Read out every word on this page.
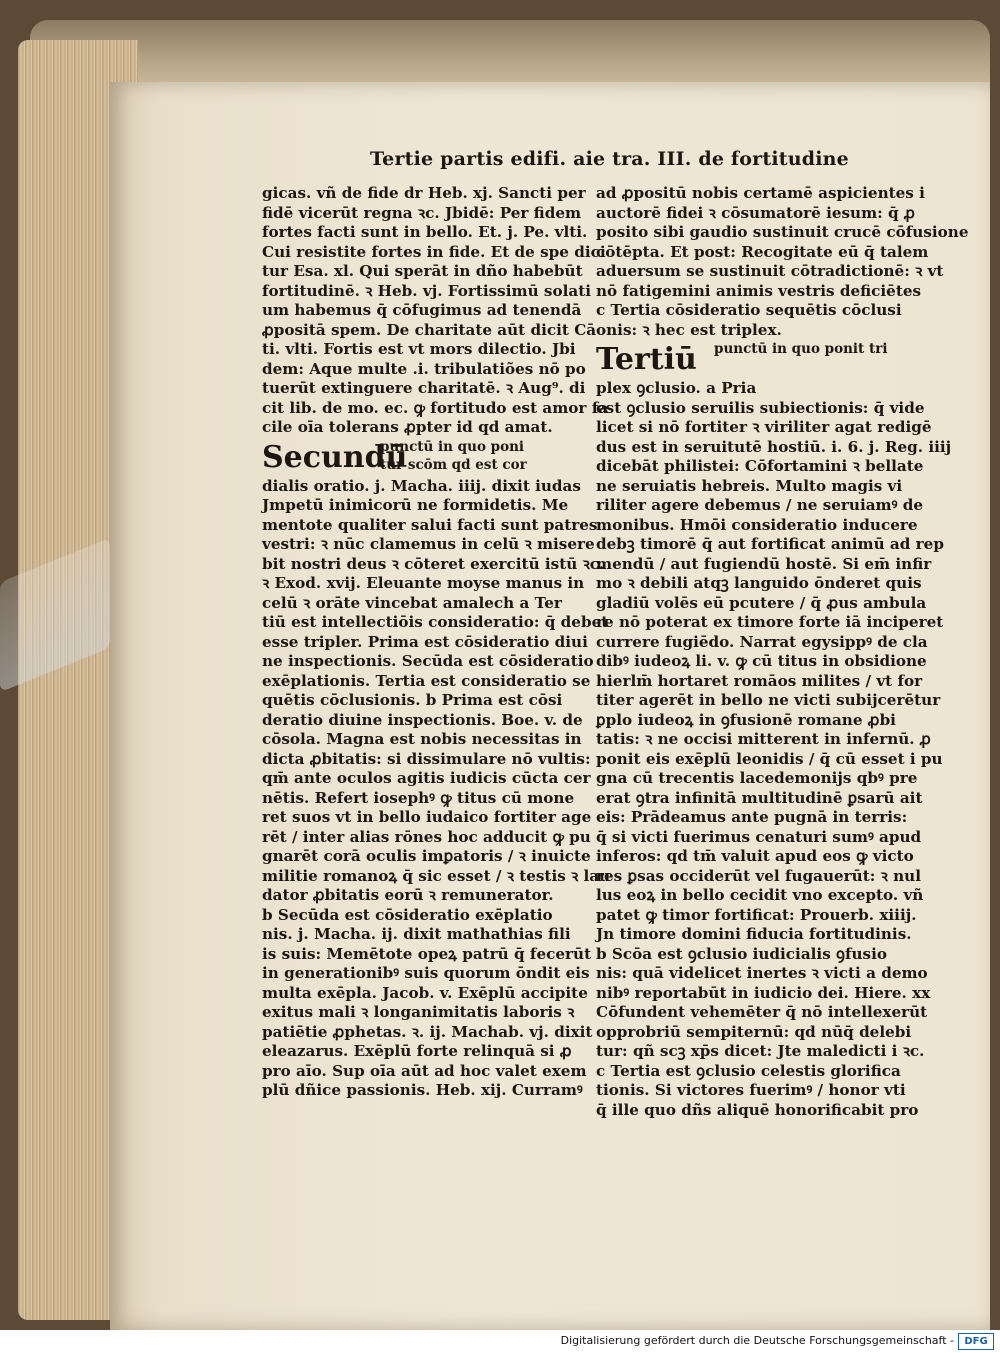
Tertie partis edifi. aie tra. III. de fortitudine
gicas. vñ de fide dr Heb. xj. Sancti per
fidē vicerūt regna ꝛc. Jbidē: Per fidem
fortes facti sunt in bello. Et. j. Pe. vlti.
Cui resistite fortes in fide. Et de spe dici
tur Esa. xl. Qui sperāt in dño habebūt
fortitudinē. ꝛ Heb. vj. Fortissimū solati
um habemus q̄ cōfugimus ad tenendā
ꝓpositā spem. De charitate aūt dicit Cā
ti. vlti. Fortis est vt mors dilectio. Jbi
dem: Aque multe .i. tribulatiões nō po
tuerūt extinguere charitatē. ꝛ Aug⁹. di
cit lib. de mo. ec. ꝙ fortitudo est amor fa
cile oīa tolerans ꝓpter id qd amat.
Secundū
punctū in quo poni
tur scōm qd est cor
dialis oratio. j. Macha. iiij. dixit iudas
Jmpetū inimicorū ne formidetis. Me
mentote qualiter salui facti sunt patres
vestri: ꝛ nūc clamemus in celū ꝛ misere
bit nostri deus ꝛ cōteret exercitū istū ꝛc.
ꝛ Exod. xvij. Eleuante moyse manus in
celū ꝛ orāte vincebat amalech a Ter
tiū est intellectiōis consideratio: q̄ debet
esse tripler. Prima est cōsideratio diui
ne inspectionis. Secūda est cōsideratio
exēplationis. Tertia est consideratio se
quētis cōclusionis. b Prima est cōsi
deratio diuine inspectionis. Boe. v. de
cōsola. Magna est nobis necessitas in
dicta ꝓbitatis: si dissimulare nō vultis:
qm̄ ante oculos agitis iudicis cūcta cer
nētis. Refert iosephꝰ ꝙ titus cū mone
ret suos vt in bello iudaico fortiter age
rēt / inter alias rōnes hoc adducit ꝙ pu
gnarēt corā oculis imꝑatoris / ꝛ inuicte
militie romanoꝝ q̄ sic esset / ꝛ testis ꝛ lau
dator ꝓbitatis eorū ꝛ remunerator.
b Secūda est cōsideratio exēplatio
nis. j. Macha. ij. dixit mathathias fili
is suis: Memētote opeꝝ patrū q̄ fecerūt
in generationibꝰ suis quorum ōndit eis
multa exēpla. Jacob. v. Exēplū accipite
exitus mali ꝛ longanimitatis laboris ꝛ
patiētie ꝓphetas. ꝛ. ij. Machab. vj. dixit
eleazarus. Exēplū forte relinquā si ꝓ
pro aīo. Sup oīa aūt ad hoc valet exem
plū dñice passionis. Heb. xij. Curramꝰ
ad ꝓpositū nobis certamē aspicientes i
auctorē fidei ꝛ cōsumatorē iesum: q̄ ꝓ
posito sibi gaudio sustinuit crucē cōfusione
cōtēpta. Et post: Recogitate eū q̄ talem
aduersum se sustinuit cōtradictionē: ꝛ vt
nō fatigemini animis vestris deficiētes
c Tertia cōsideratio sequētis cōclusi
onis: ꝛ hec est triplex.
Tertiū punctū in quo ponit tri
plex ꝯclusio. a Pria
est ꝯclusio seruilis subiectionis: q̄ vide
licet si nō fortiter ꝛ viriliter agat redigē
dus est in seruitutē hostiū. i. 6. j. Reg. iiij
dicebāt philistei: Cōfortamini ꝛ bellate
ne seruiatis hebreis. Multo magis vi
riliter agere debemus / ne seruiamꝰ de
monibus. Hmōi consideratio inducere
debꝫ timorē q̄ aut fortificat animū ad rep
mendū / aut fugiendū hostē. Si em̄ infir
mo ꝛ debili atqꝫ languido ōnderet quis
gladiū volēs eū pcutere / q̄ ꝓus ambula
re nō poterat ex timore forte iā inciperet
currere fugiēdo. Narrat egysippꝰ de cla
dibꝰ iudeoꝝ li. v. ꝙ cū titus in obsidione
hierlm̄ hortaret romāos milites / vt for
titer agerēt in bello ne victi subijcerētur
ꝑplo iudeoꝝ in ꝯfusionē romane ꝓbi
tatis: ꝛ ne occisi mitterent in infernū. ꝓ
ponit eis exēplū leonidis / q̄ cū esset i pu
gna cū trecentis lacedemonijs qbꝰ pre
erat ꝯtra infinitā multitudinē ꝑsarū ait
eis: Prādeamus ante pugnā in terris:
q̄ si victi fuerimus cenaturi sumꝰ apud
inferos: qd tm̄ valuit apud eos ꝙ victo
res ꝑsas occiderūt vel fugauerūt: ꝛ nul
lus eoꝝ in bello cecidit vno excepto. vñ
patet ꝙ timor fortificat: Prouerb. xiiij.
Jn timore domini fiducia fortitudinis.
b Scōa est ꝯclusio iudicialis ꝯfusio
nis: quā videlicet inertes ꝛ victi a demo
nibꝰ reportabūt in iudicio dei. Hiere. xx
Cōfundent vehemēter q̄ nō intellexerūt
opprobriū sempiternū: qd nūq̄ delebi
tur: qñ scꝫ xp̄s dicet: Jte maledicti i ꝛc.
c Tertia est ꝯclusio celestis glorifica
tionis. Si victores fuerimꝰ / honor vti
q̄ ille quo dñs aliquē honorificabit pro
Digitalisierung gefördert durch die Deutsche Forschungsgemeinschaft -	DFG
